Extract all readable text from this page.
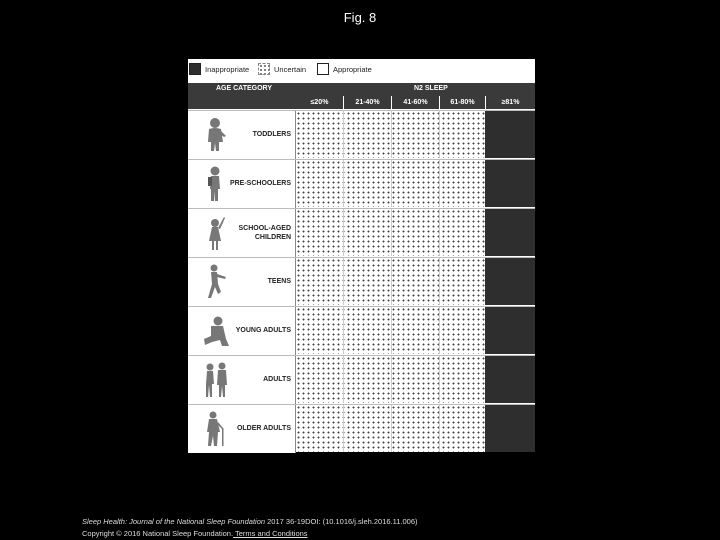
Fig. 8
Inappropriate	Uncertain	Appropriate
AGE CATEGORY	N2 SLEEP
≤20%	21-40%	41-60%	61-80%	≥81%
TODDLERS
PRE-SCHOOLERS
SCHOOL-AGED
CHILDREN
TEENS
YOUNG ADULTS
ADULTS
OLDER ADULTS
Sleep Health: Journal of the National Sleep Foundation 2017 36-19DOI: (10.1016/j.sleh.2016.11.006)
Copyright © 2016 National Sleep Foundation. Terms and Conditions
